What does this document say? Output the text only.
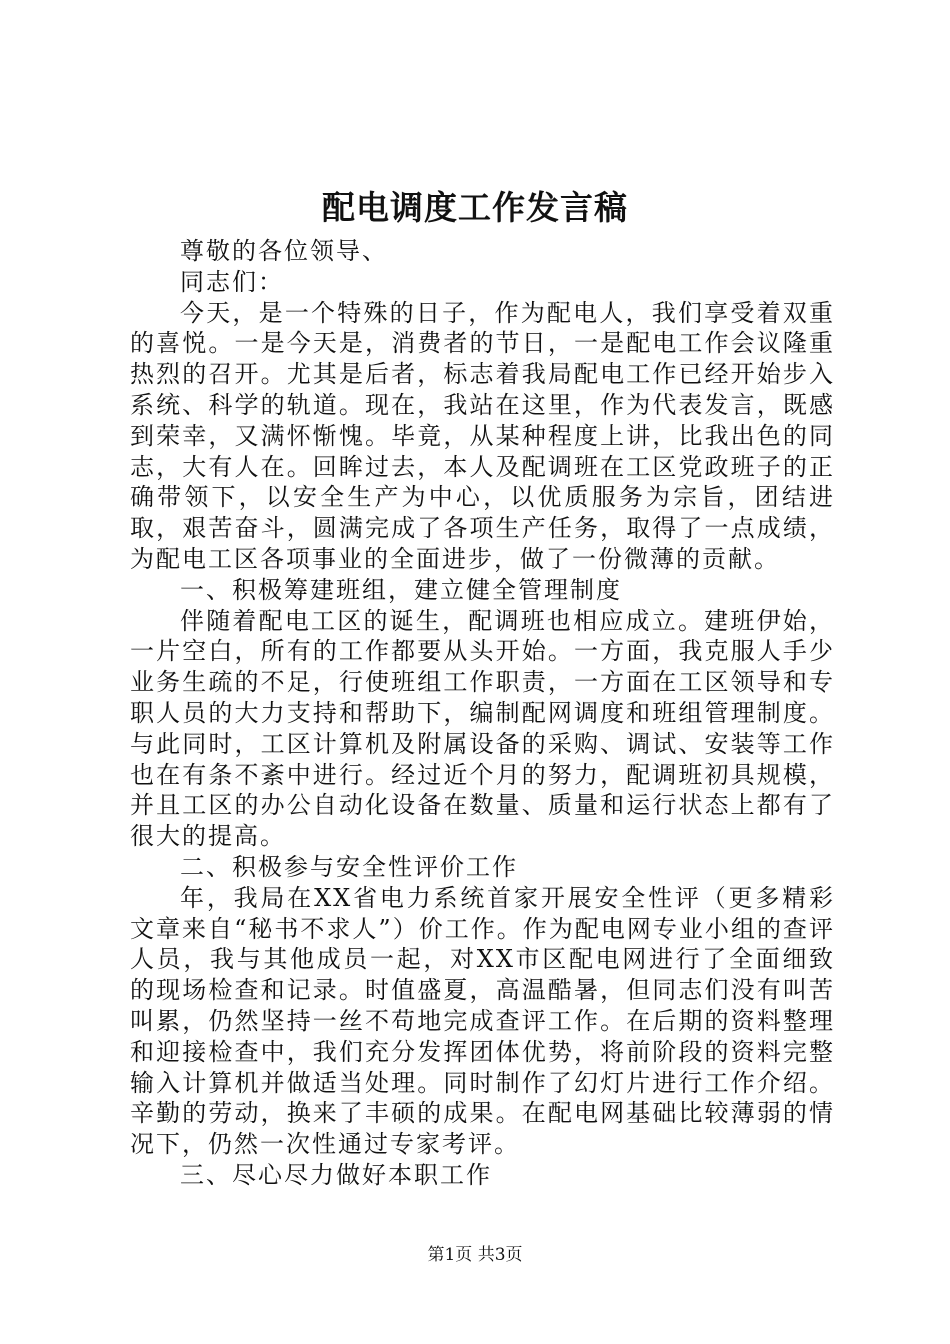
配电调度工作发言稿

尊敬的各位领导、

同志们：

今天，是一个特殊的日子，作为配电人，我们享受着双重的喜悦。一是今天是，消费者的节日，一是配电工作会议隆重热烈的召开。尤其是后者，标志着我局配电工作已经开始步入系统、科学的轨道。现在，我站在这里，作为代表发言，既感到荣幸，又满怀惭愧。毕竟，从某种程度上讲，比我出色的同志，大有人在。回眸过去，本人及配调班在工区党政班子的正确带领下，以安全生产为中心，以优质服务为宗旨，团结进取，艰苦奋斗，圆满完成了各项生产任务，取得了一点成绩，为配电工区各项事业的全面进步，做了一份微薄的贡献。

一、积极筹建班组，建立健全管理制度

伴随着配电工区的诞生，配调班也相应成立。建班伊始，一片空白，所有的工作都要从头开始。一方面，我克服人手少业务生疏的不足，行使班组工作职责，一方面在工区领导和专职人员的大力支持和帮助下，编制配网调度和班组管理制度。与此同时，工区计算机及附属设备的采购、调试、安装等工作也在有条不紊中进行。经过近个月的努力，配调班初具规模，并且工区的办公自动化设备在数量、质量和运行状态上都有了很大的提高。

二、积极参与安全性评价工作

年，我局在XX省电力系统首家开展安全性评（更多精彩文章来自“秘书不求人”）价工作。作为配电网专业小组的查评人员，我与其他成员一起，对XX市区配电网进行了全面细致的现场检查和记录。时值盛夏，高温酷暑，但同志们没有叫苦叫累，仍然坚持一丝不苟地完成查评工作。在后期的资料整理和迎接检查中，我们充分发挥团体优势，将前阶段的资料完整输入计算机并做适当处理。同时制作了幻灯片进行工作介绍。辛勤的劳动，换来了丰硕的成果。在配电网基础比较薄弱的情况下，仍然一次性通过专家考评。

三、尽心尽力做好本职工作

第1页 共3页
